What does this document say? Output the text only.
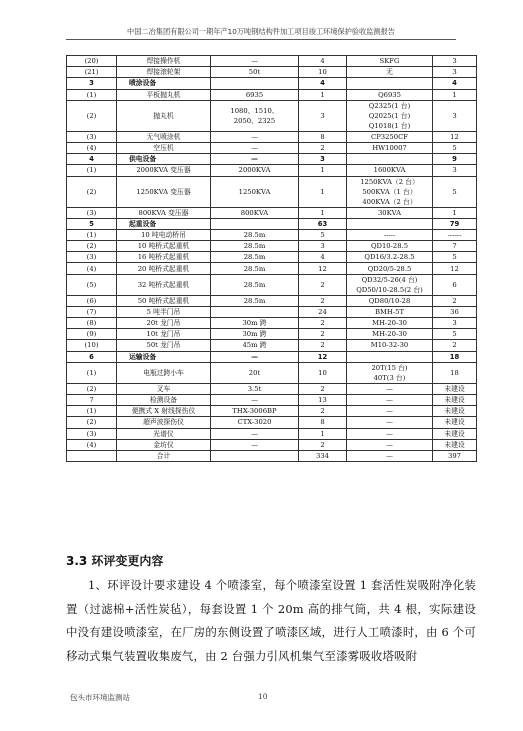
中国二冶集团有限公司一期年产10万吨钢结构件加工项目竣工环境保护验收监测报告
(20)	焊接操作机	—	4	SKFG	3
(21)	焊接滚轮架	50t	10	无	3
3	喷涂设备		4		4
(1)	平板抛丸机	6935	1	Q6935	1
(2)	抛丸机	1080、1510、
2050、2325	3	Q2325(1 台)
Q2025(1 台)
Q1018(1 台)	3
(3)	无气喷涂机	—	8	CP3250CF	12
(4)	空压机	—	2	HW10007	5
4	供电设备	—	3		9
(1)	2000KVA 变压器	2000KVA	1	1600KVA	3
(2)	1250KVA 变压器	1250KVA	1	1250KVA（2 台）
500KVA（1 台）
400KVA（2 台）	5
(3)	800KVA 变压器	800KVA	1	30KVA	1
5	起重设备		63		79
(1)	10 吨电动桥吊	28.5m	5	-----	------
(2)	10 吨桥式起重机	28.5m	3	QD10-28.5	7
(3)	16 吨桥式起重机	28.5m	4	QD16/3.2-28.5	5
(4)	20 吨桥式起重机	28.5m	12	QD20/5-28.5	12
(5)	32 吨桥式起重机	28.5m	2	QD32/5-26(4 台)
QD50/10-28.5(2 台)	6
(6)	50 吨桥式起重机	28.5m	2	QD80/10-28	2
(7)	5 吨半门吊		24	BMH-5T	36
(8)	20t 龙门吊	30m 跨	2	MH-20-30	3
(9)	10t 龙门吊	30m 跨	2	MH-20-30	5
(10)	50t 龙门吊	45m 跨	2	M10-32-30	2
6	运输设备	—	12		18
(1)	电瓶过跨小车	20t	10	20T(15 台)
40T(3 台)	18
(2)	叉车	3.5t	2	—	未建设
7	检测设备	—	13	—	未建设
(1)	便携式 X 射线探伤仪	THX-3006BP	2	—	未建设
(2)	超声波探伤仪	CTX-3020	8	—	未建设
(3)	光谱仪	—	1	—	未建设
(4)	金坊仪	—	2	—	未建设
	合计		334	—	397
3.3 环评变更内容
1、环评设计要求建设 4 个喷漆室，每个喷漆室设置 1 套活性炭吸附净化装置（过滤棉+活性炭毡），每套设置 1 个 20m 高的排气筒，共 4 根，实际建设中没有建设喷漆室，在厂房的东侧设置了喷漆区域，进行人工喷漆时，由 6 个可移动式集气装置收集废气，由 2 台强力引风机集气至漆雾吸收塔吸附
包头市环境监测站	10
